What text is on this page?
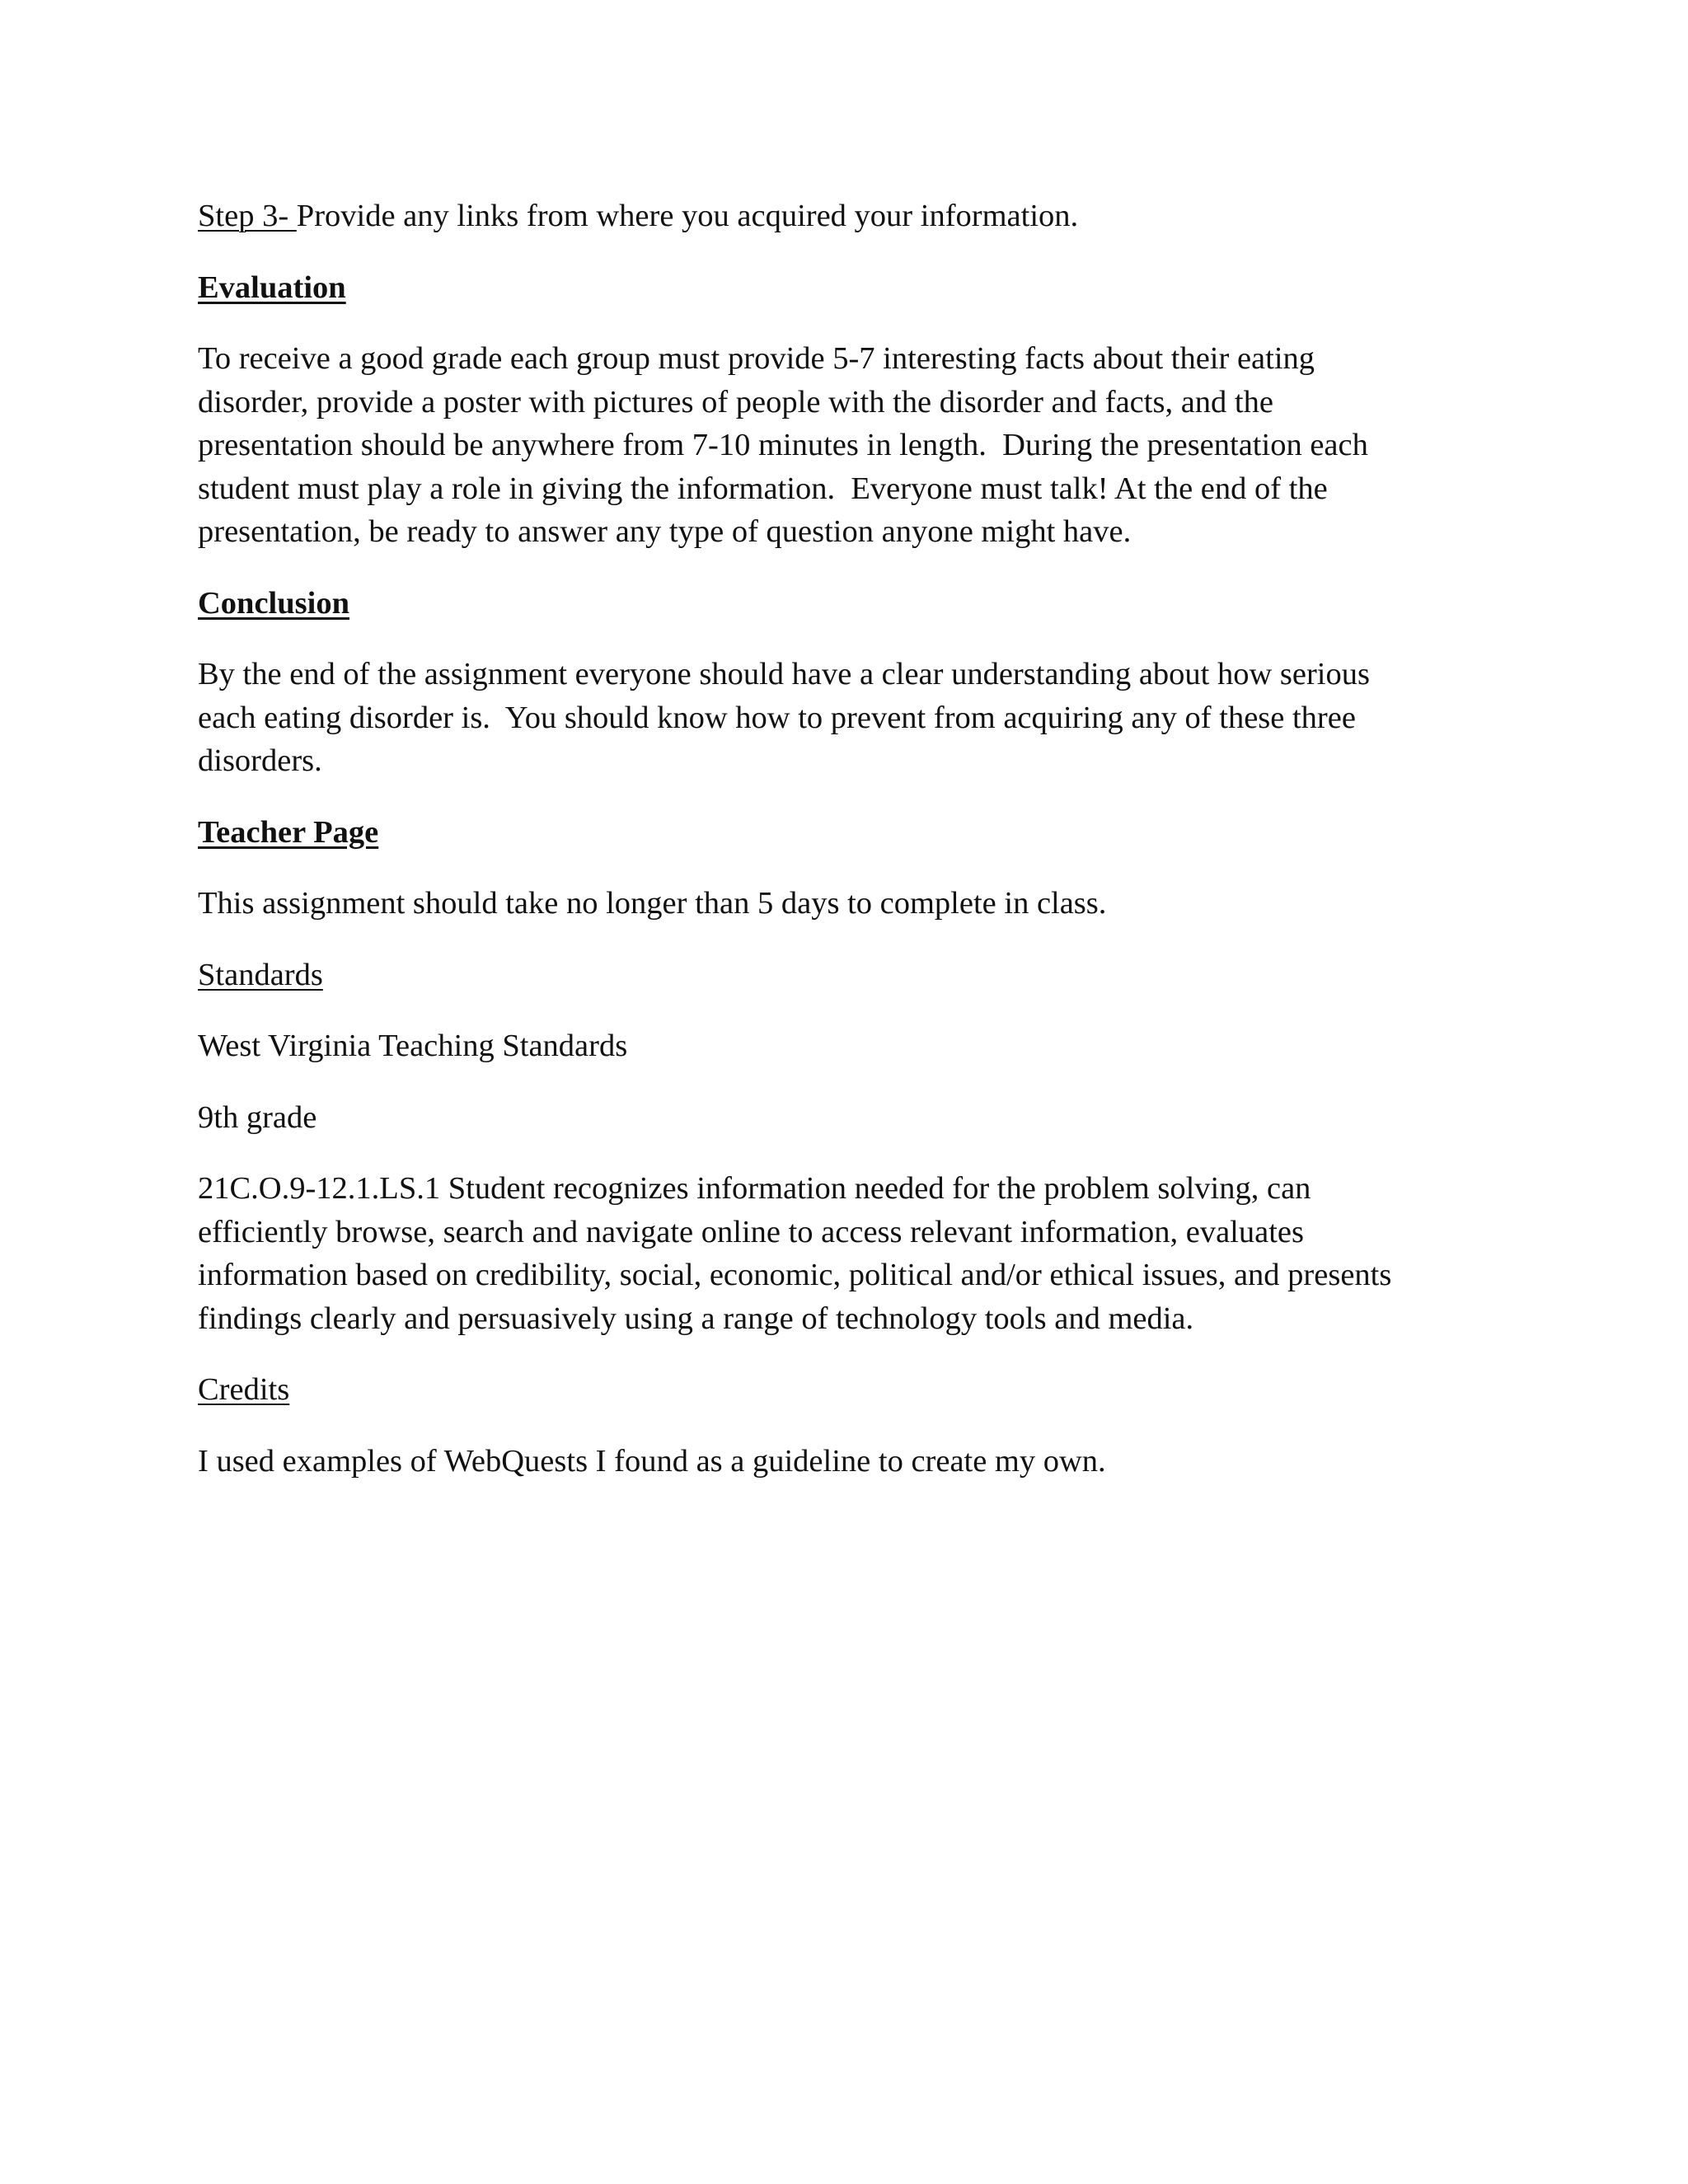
Step 3- Provide any links from where you acquired your information.

Evaluation

To receive a good grade each group must provide 5-7 interesting facts about their eating
disorder, provide a poster with pictures of people with the disorder and facts, and the
presentation should be anywhere from 7-10 minutes in length.  During the presentation each
student must play a role in giving the information.  Everyone must talk! At the end of the
presentation, be ready to answer any type of question anyone might have.

Conclusion

By the end of the assignment everyone should have a clear understanding about how serious
each eating disorder is.  You should know how to prevent from acquiring any of these three
disorders.

Teacher Page

This assignment should take no longer than 5 days to complete in class.

Standards

West Virginia Teaching Standards

9th grade

21C.O.9-12.1.LS.1 Student recognizes information needed for the problem solving, can
efficiently browse, search and navigate online to access relevant information, evaluates
information based on credibility, social, economic, political and/or ethical issues, and presents
findings clearly and persuasively using a range of technology tools and media.

Credits

I used examples of WebQuests I found as a guideline to create my own.
